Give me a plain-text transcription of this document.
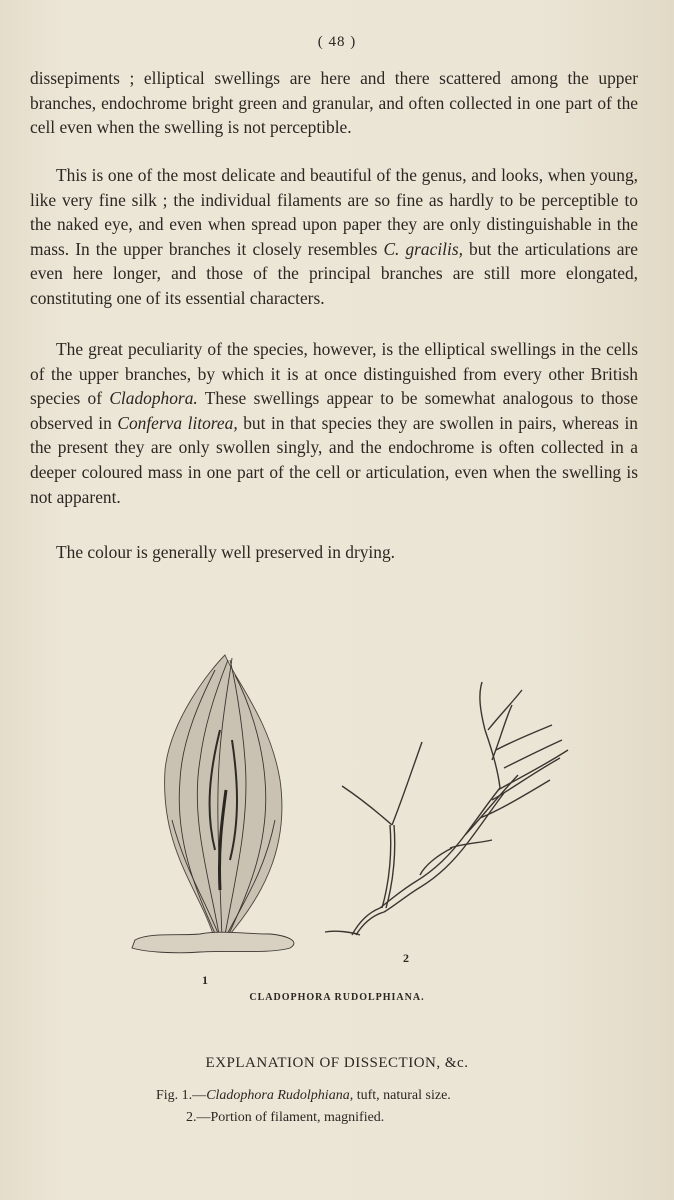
( 48 )

dissepiments ; elliptical swellings are here and there scattered among the upper branches, endochrome bright green and granular, and often collected in one part of the cell even when the swelling is not perceptible.

This is one of the most delicate and beautiful of the genus, and looks, when young, like very fine silk ; the individual filaments are so fine as hardly to be perceptible to the naked eye, and even when spread upon paper they are only distinguishable in the mass. In the upper branches it closely resembles C. gracilis, but the articulations are even here longer, and those of the principal branches are still more elongated, constituting one of its essential characters.

The great peculiarity of the species, however, is the elliptical swellings in the cells of the upper branches, by which it is at once distinguished from every other British species of Cladophora. These swellings appear to be somewhat analogous to those observed in Conferva litorea, but in that species they are swollen in pairs, whereas in the present they are only swollen singly, and the endochrome is often collected in a deeper coloured mass in one part of the cell or articulation, even when the swelling is not apparent.

The colour is generally well preserved in drying.

1
2
CLADOPHORA RUDOLPHIANA.
EXPLANATION OF DISSECTION, &c.
Fig. 1.—Cladophora Rudolphiana, tuft, natural size.
2.—Portion of filament, magnified.
